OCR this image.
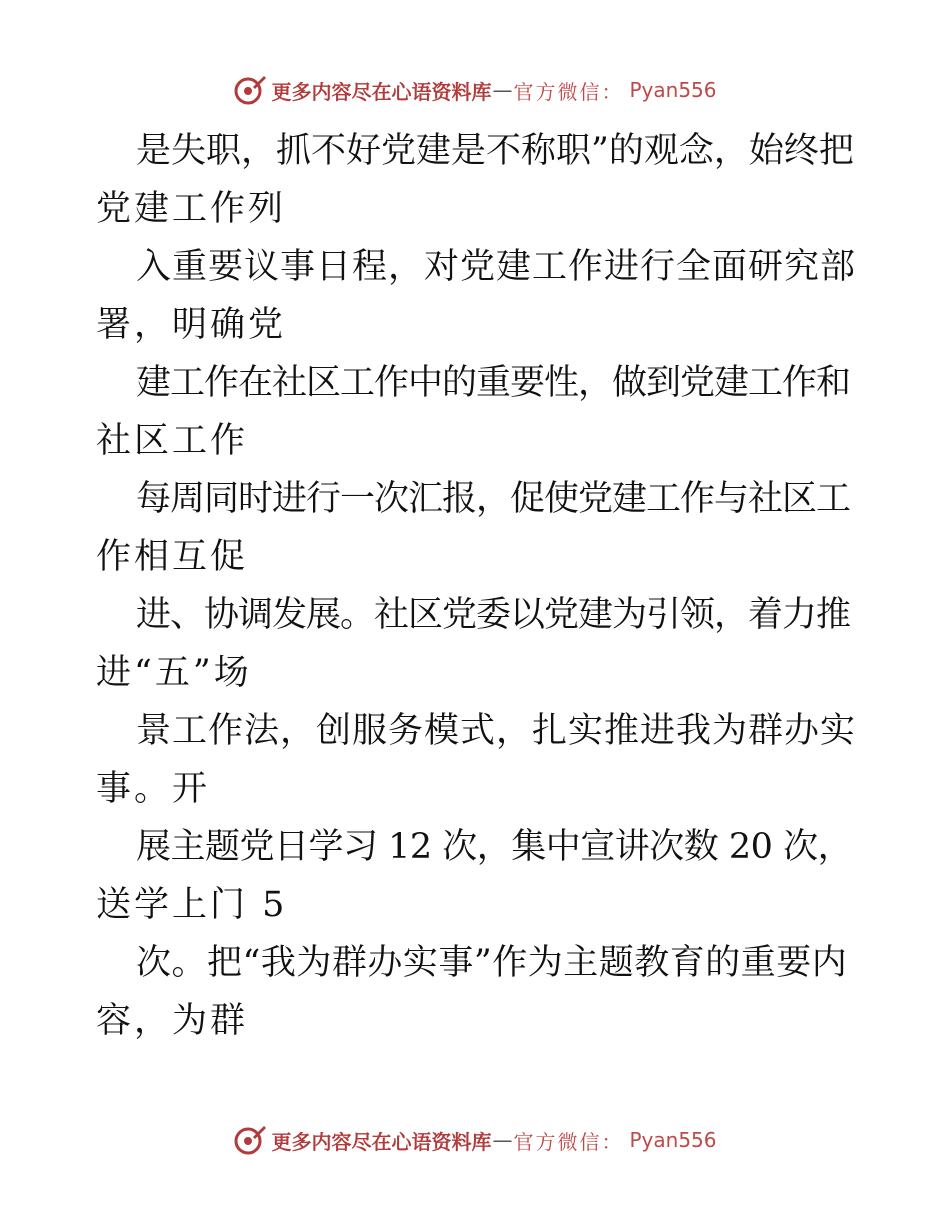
更多内容尽在心语资料库 — 官方微信： Pyan556
是失职，抓不好党建是不称职”的观念，始终把
党建工作列
入重要议事日程，对党建工作进行全面研究部
署，明确党
建工作在社区工作中的重要性，做到党建工作和
社区工作
每周同时进行一次汇报，促使党建工作与社区工
作相互促
进、协调发展。社区党委以党建为引领，着力推
进“五”场
景工作法，创服务模式，扎实推进我为群办实
事。开
展主题党日学习 12 次，集中宣讲次数 20 次，
送学上门 5
次。把“我为群办实事”作为主题教育的重要内
容，为群
更多内容尽在心语资料库 — 官方微信： Pyan556
